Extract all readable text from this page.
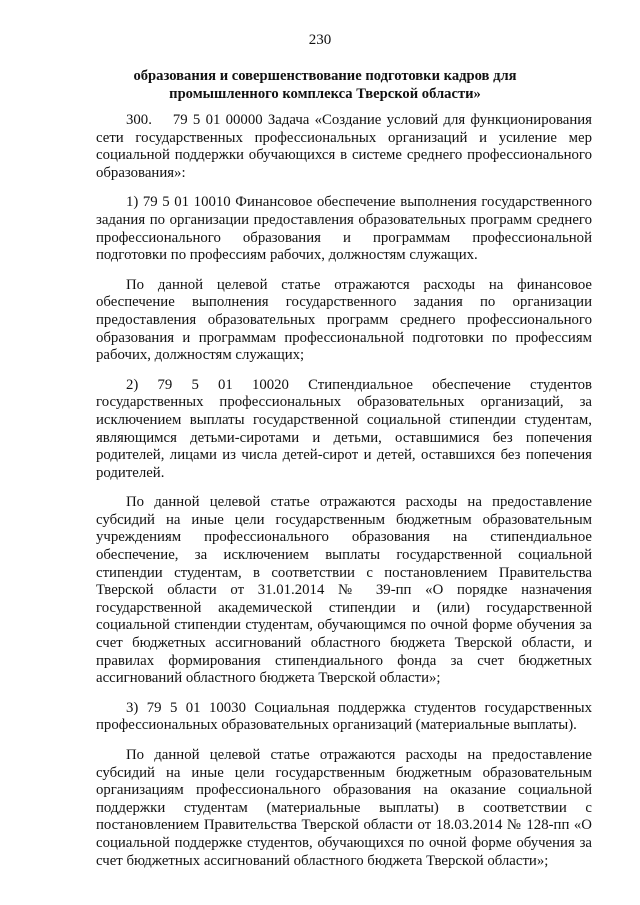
230
образования и совершенствование подготовки кадров для промышленного комплекса Тверской области»

300.    79 5 01 00000 Задача «Создание условий для функционирования сети государственных профессиональных организаций и усиление мер социальной поддержки обучающихся в системе среднего профессионального образования»:

1) 79 5 01 10010 Финансовое обеспечение выполнения государственного задания по организации предоставления образовательных программ среднего профессионального образования и программам профессиональной подготовки по профессиям рабочих, должностям служащих.

По данной целевой статье отражаются расходы на финансовое обеспечение выполнения государственного задания по организации предоставления образовательных программ среднего профессионального образования и программам профессиональной подготовки по профессиям рабочих, должностям служащих;

2) 79 5 01 10020 Стипендиальное обеспечение студентов государственных профессиональных образовательных организаций, за исключением выплаты государственной социальной стипендии студентам, являющимся детьми-сиротами и детьми, оставшимися без попечения родителей, лицами из числа детей-сирот и детей, оставшихся без попечения родителей.

По данной целевой статье отражаются расходы на предоставление субсидий на иные цели государственным бюджетным образовательным учреждениям профессионального образования на стипендиальное обеспечение, за исключением выплаты государственной социальной стипендии студентам, в соответствии с постановлением Правительства Тверской области от 31.01.2014 № 39-пп «О порядке назначения государственной академической стипендии и (или) государственной социальной стипендии студентам, обучающимся по очной форме обучения за счет бюджетных ассигнований областного бюджета Тверской области, и правилах формирования стипендиального фонда за счет бюджетных ассигнований областного бюджета Тверской области»;

3) 79 5 01 10030 Социальная поддержка студентов государственных профессиональных образовательных организаций (материальные выплаты).

По данной целевой статье отражаются расходы на предоставление субсидий на иные цели государственным бюджетным образовательным организациям профессионального образования на оказание социальной поддержки студентам (материальные выплаты) в соответствии с постановлением Правительства Тверской области от 18.03.2014 № 128-пп «О социальной поддержке студентов, обучающихся по очной форме обучения за счет бюджетных ассигнований областного бюджета Тверской области»;
